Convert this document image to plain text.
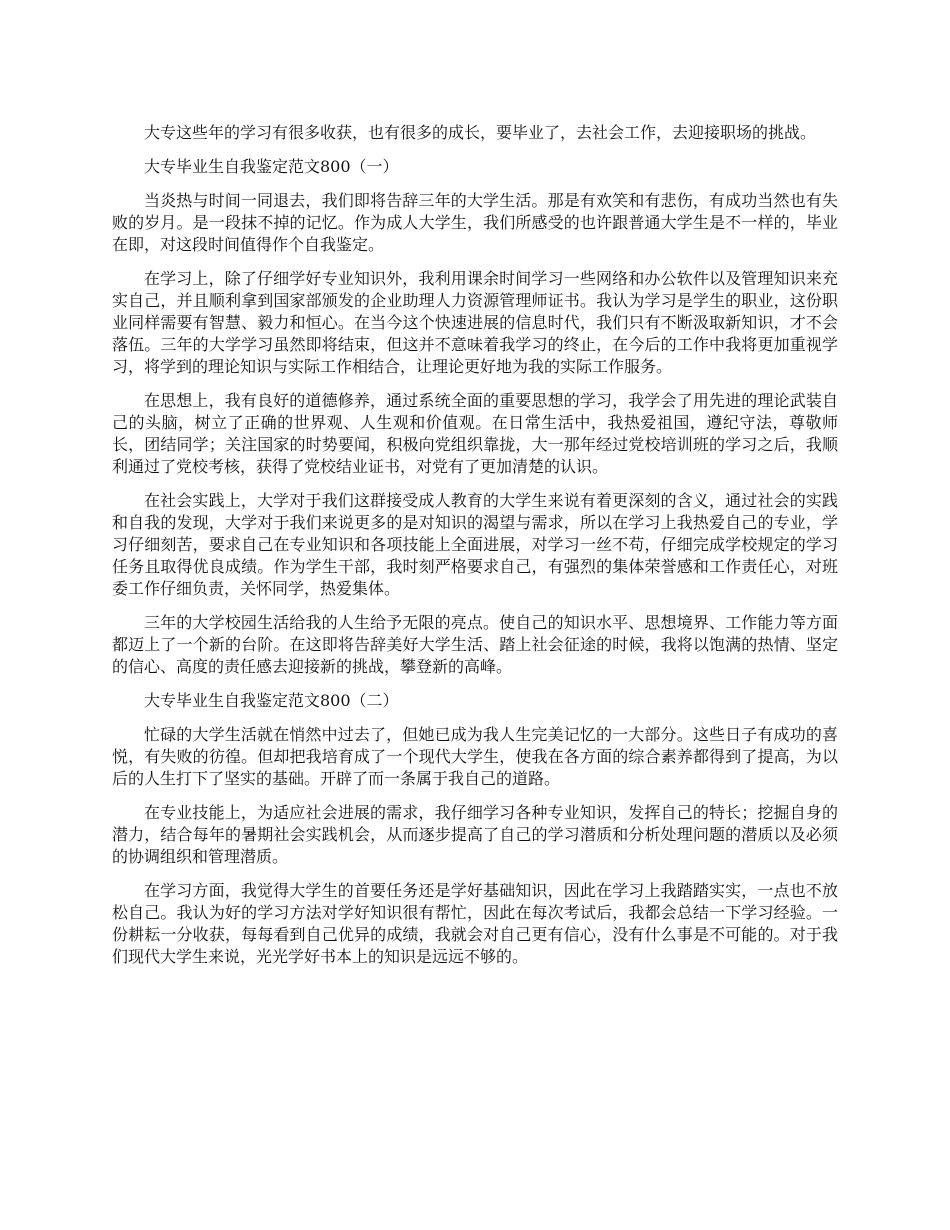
大专这些年的学习有很多收获，也有很多的成长，要毕业了，去社会工作，去迎接职场的挑战。

大专毕业生自我鉴定范文800（一）

当炎热与时间一同退去，我们即将告辞三年的大学生活。那是有欢笑和有悲伤，有成功当然也有失败的岁月。是一段抹不掉的记忆。作为成人大学生，我们所感受的也许跟普通大学生是不一样的，毕业在即，对这段时间值得作个自我鉴定。

在学习上，除了仔细学好专业知识外，我利用课余时间学习一些网络和办公软件以及管理知识来充实自己，并且顺利拿到国家部颁发的企业助理人力资源管理师证书。我认为学习是学生的职业，这份职业同样需要有智慧、毅力和恒心。在当今这个快速进展的信息时代，我们只有不断汲取新知识，才不会落伍。三年的大学学习虽然即将结束，但这并不意味着我学习的终止，在今后的工作中我将更加重视学习，将学到的理论知识与实际工作相结合，让理论更好地为我的实际工作服务。

在思想上，我有良好的道德修养，通过系统全面的重要思想的学习，我学会了用先进的理论武装自己的头脑，树立了正确的世界观、人生观和价值观。在日常生活中，我热爱祖国，遵纪守法，尊敬师长，团结同学；关注国家的时势要闻，积极向党组织靠拢，大一那年经过党校培训班的学习之后，我顺利通过了党校考核，获得了党校结业证书，对党有了更加清楚的认识。

在社会实践上，大学对于我们这群接受成人教育的大学生来说有着更深刻的含义，通过社会的实践和自我的发现，大学对于我们来说更多的是对知识的渴望与需求，所以在学习上我热爱自己的专业，学习仔细刻苦，要求自己在专业知识和各项技能上全面进展，对学习一丝不苟，仔细完成学校规定的学习任务且取得优良成绩。作为学生干部，我时刻严格要求自己，有强烈的集体荣誉感和工作责任心，对班委工作仔细负责，关怀同学，热爱集体。

三年的大学校园生活给我的人生给予无限的亮点。使自己的知识水平、思想境界、工作能力等方面都迈上了一个新的台阶。在这即将告辞美好大学生活、踏上社会征途的时候，我将以饱满的热情、坚定的信心、高度的责任感去迎接新的挑战，攀登新的高峰。

大专毕业生自我鉴定范文800（二）

忙碌的大学生活就在悄然中过去了，但她已成为我人生完美记忆的一大部分。这些日子有成功的喜悦，有失败的彷徨。但却把我培育成了一个现代大学生，使我在各方面的综合素养都得到了提高，为以后的人生打下了坚实的基础。开辟了而一条属于我自己的道路。

在专业技能上，为适应社会进展的需求，我仔细学习各种专业知识，发挥自己的特长；挖掘自身的潜力，结合每年的暑期社会实践机会，从而逐步提高了自己的学习潜质和分析处理问题的潜质以及必须的协调组织和管理潜质。

在学习方面，我觉得大学生的首要任务还是学好基础知识，因此在学习上我踏踏实实，一点也不放松自己。我认为好的学习方法对学好知识很有帮忙，因此在每次考试后，我都会总结一下学习经验。一份耕耘一分收获，每每看到自己优异的成绩，我就会对自己更有信心，没有什么事是不可能的。对于我们现代大学生来说，光光学好书本上的知识是远远不够的。
